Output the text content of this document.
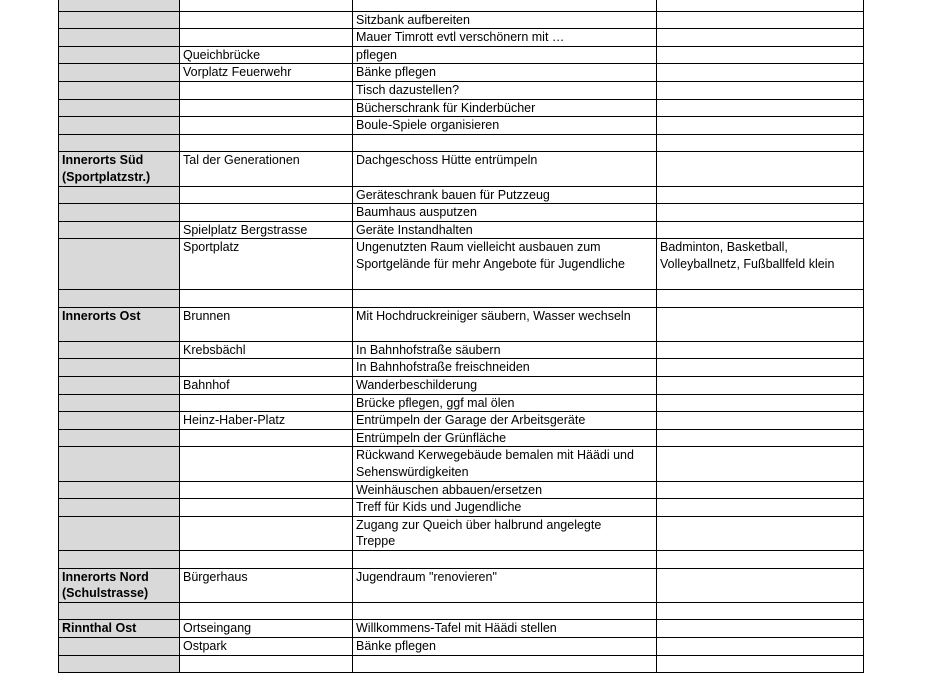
		Sitzbank aufbereiten	
		Mauer Timrott evtl verschönern mit …	
	Queichbrücke	pflegen	
	Vorplatz Feuerwehr	Bänke pflegen	
		Tisch dazustellen?	
		Bücherschrank für Kinderbücher	
		Boule-Spiele organisieren	

Innerorts Süd
(Sportplatzstr.)	Tal der Generationen	Dachgeschoss Hütte entrümpeln	
		Geräteschrank bauen für Putzzeug	
		Baumhaus ausputzen	
	Spielplatz Bergstrasse	Geräte Instandhalten	
	Sportplatz	Ungenutzten Raum vielleicht ausbauen zum
Sportgelände für mehr Angebote für Jugendliche	Badminton, Basketball,
Volleyballnetz, Fußballfeld klein

Innerorts Ost	Brunnen	Mit Hochdruckreiniger säubern, Wasser wechseln	
	Krebsbächl	In Bahnhofstraße säubern	
		In Bahnhofstraße freischneiden	
	Bahnhof	Wanderbeschilderung	
		Brücke pflegen, ggf mal ölen	
	Heinz-Haber-Platz	Entrümpeln der Garage der Arbeitsgeräte	
		Entrümpeln der Grünfläche	
		Rückwand Kerwegebäude bemalen mit Häädi und
Sehenswürdigkeiten	
		Weinhäuschen abbauen/ersetzen	
		Treff für Kids und Jugendliche	
		Zugang zur Queich über halbrund angelegte
Treppe	

Innerorts Nord
(Schulstrasse)	Bürgerhaus	Jugendraum "renovieren"	

Rinnthal Ost	Ortseingang	Willkommens-Tafel mit Häädi stellen	
	Ostpark	Bänke pflegen	
